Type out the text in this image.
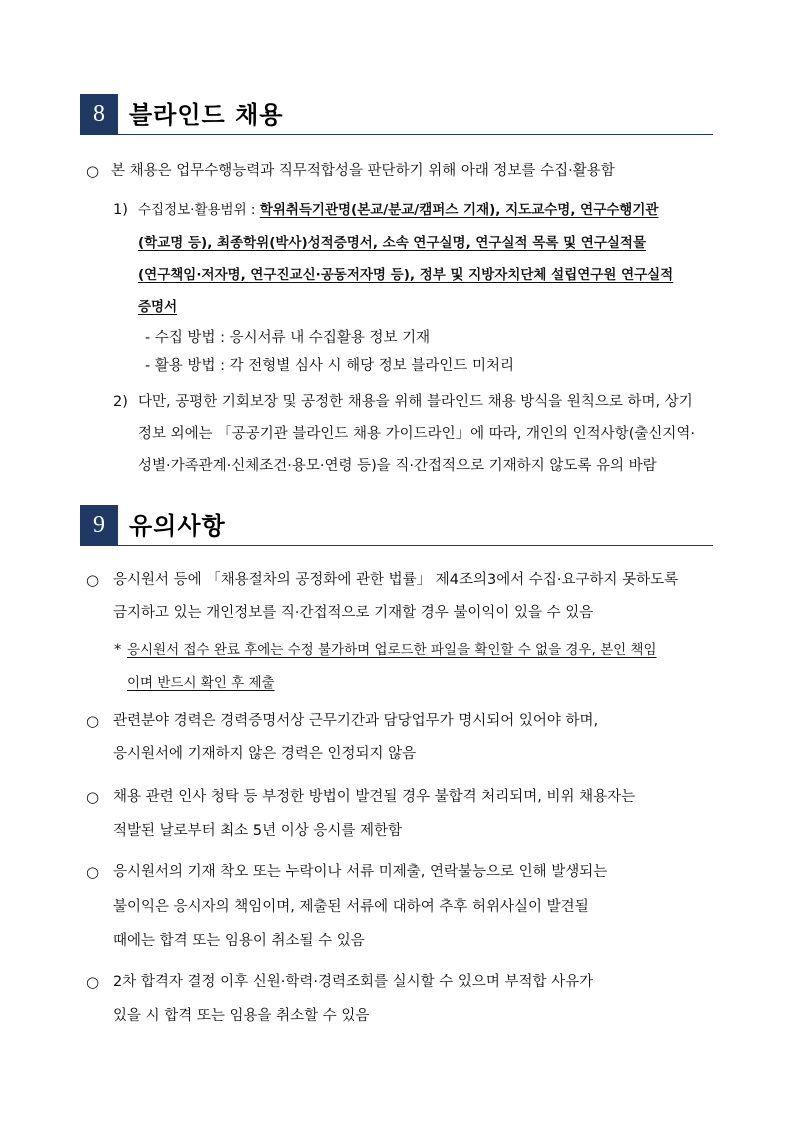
8	블라인드 채용
○ 본 채용은 업무수행능력과 직무적합성을 판단하기 위해 아래 정보를 수집·활용함
1) 수집정보·활용범위 : 학위취득기관명(본교/분교/캠퍼스 기재), 지도교수명, 연구수행기관
(학교명 등), 최종학위(박사)성적증명서, 소속 연구실명, 연구실적 목록 및 연구실적물
(연구책임·저자명, 연구진교신·공동저자명 등), 정부 및 지방자치단체 설립연구원 연구실적
증명서
- 수집 방법 : 응시서류 내 수집활용 정보 기재
- 활용 방법 : 각 전형별 심사 시 해당 정보 블라인드 미처리
2) 다만, 공평한 기회보장 및 공정한 채용을 위해 블라인드 채용 방식을 원칙으로 하며, 상기
정보 외에는 「공공기관 블라인드 채용 가이드라인」에 따라, 개인의 인적사항(출신지역·
성별·가족관계·신체조건·용모·연령 등)을 직·간접적으로 기재하지 않도록 유의 바람
9	유의사항
○ 응시원서 등에 「채용절차의 공정화에 관한 법률」 제4조의3에서 수집·요구하지 못하도록
금지하고 있는 개인정보를 직·간접적으로 기재할 경우 불이익이 있을 수 있음
* 응시원서 접수 완료 후에는 수정 불가하며 업로드한 파일을 확인할 수 없을 경우, 본인 책임
이며 반드시 확인 후 제출
○ 관련분야 경력은 경력증명서상 근무기간과 담당업무가 명시되어 있어야 하며,
응시원서에 기재하지 않은 경력은 인정되지 않음
○ 채용 관련 인사 청탁 등 부정한 방법이 발견될 경우 불합격 처리되며, 비위 채용자는
적발된 날로부터 최소 5년 이상 응시를 제한함
○ 응시원서의 기재 착오 또는 누락이나 서류 미제출, 연락불능으로 인해 발생되는
불이익은 응시자의 책임이며, 제출된 서류에 대하여 추후 허위사실이 발견될
때에는 합격 또는 임용이 취소될 수 있음
○ 2차 합격자 결정 이후 신원·학력·경력조회를 실시할 수 있으며 부적합 사유가
있을 시 합격 또는 임용을 취소할 수 있음
